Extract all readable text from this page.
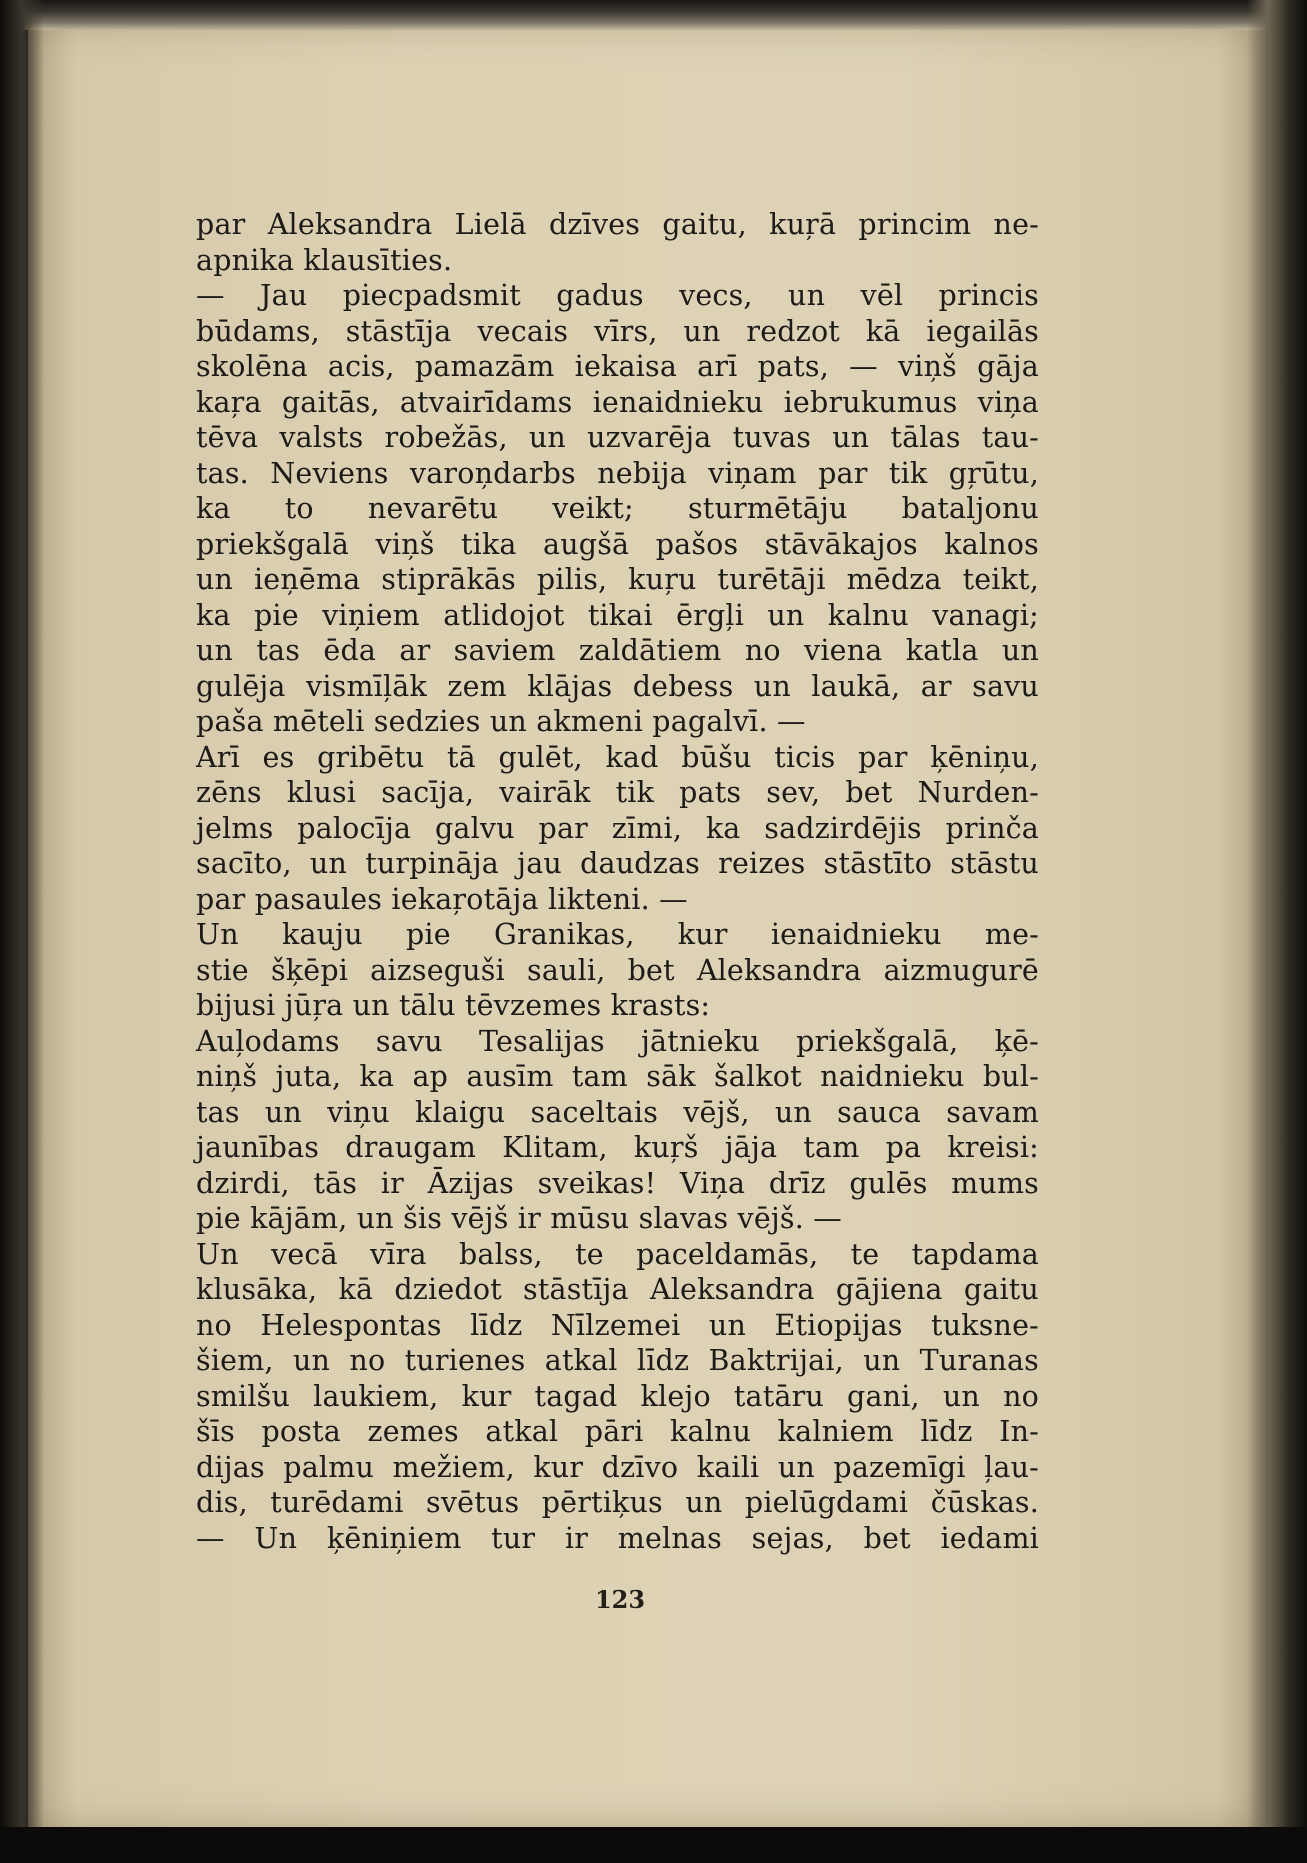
par Aleksandra Lielā dzīves gaitu, kuŗā princim ne-
apnika klausīties.
— Jau piecpadsmit gadus vecs, un vēl princis
būdams, stāstīja vecais vīrs, un redzot kā iegailās
skolēna acis, pamazām iekaisa arī pats, — viņš gāja
kaŗa gaitās, atvairīdams ienaidnieku iebrukumus viņa
tēva valsts robežās, un uzvarēja tuvas un tālas tau-
tas. Neviens varoņdarbs nebija viņam par tik gŗūtu,
ka to nevarētu veikt; sturmētāju bataljonu
priekšgalā viņš tika augšā pašos stāvākajos kalnos
un ieņēma stiprākās pilis, kuŗu turētāji mēdza teikt,
ka pie viņiem atlidojot tikai ērgļi un kalnu vanagi;
un tas ēda ar saviem zaldātiem no viena katla un
gulēja vismīļāk zem klājas debess un laukā, ar savu
paša mēteli sedzies un akmeni pagalvī. —
Arī es gribētu tā gulēt, kad būšu ticis par ķēniņu,
zēns klusi sacīja, vairāk tik pats sev, bet Nurden-
jelms palocīja galvu par zīmi, ka sadzirdējis prinča
sacīto, un turpināja jau daudzas reizes stāstīto stāstu
par pasaules iekaŗotāja likteni. —
Un kauju pie Granikas, kur ienaidnieku me-
stie šķēpi aizseguši sauli, bet Aleksandra aizmugurē
bijusi jūŗa un tālu tēvzemes krasts:
Auļodams savu Tesalijas jātnieku priekšgalā, ķē-
niņš juta, ka ap ausīm tam sāk šalkot naidnieku bul-
tas un viņu klaigu saceltais vējš, un sauca savam
jaunības draugam Klitam, kuŗš jāja tam pa kreisi:
dzirdi, tās ir Āzijas sveikas! Viņa drīz gulēs mums
pie kājām, un šis vējš ir mūsu slavas vējš. —
Un vecā vīra balss, te paceldamās, te tapdama
klusāka, kā dziedot stāstīja Aleksandra gājiena gaitu
no Helespontas līdz Nīlzemei un Etiopijas tuksne-
šiem, un no turienes atkal līdz Baktrijai, un Turanas
smilšu laukiem, kur tagad klejo tatāru gani, un no
šīs posta zemes atkal pāri kalnu kalniem līdz In-
dijas palmu mežiem, kur dzīvo kaili un pazemīgi ļau-
dis, turēdami svētus pērtiķus un pielūgdami čūskas.
— Un ķēniņiem tur ir melnas sejas, bet iedami
123
